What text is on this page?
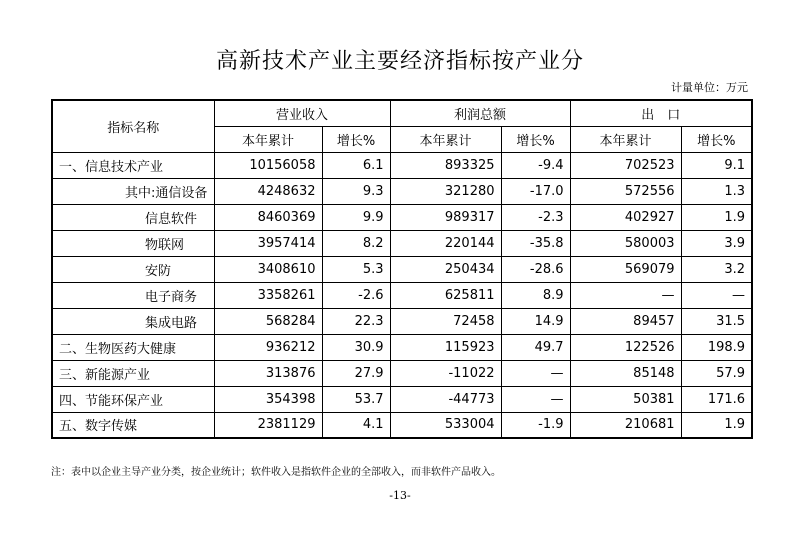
高新技术产业主要经济指标按产业分
计量单位：万元
指标名称	营业收入		利润总额		出　口	
	本年累计	增长%	本年累计	增长%	本年累计	增长%
一、信息技术产业	10156058	6.1	893325	-9.4	702523	9.1
其中:通信设备	4248632	9.3	321280	-17.0	572556	1.3
信息软件	8460369	9.9	989317	-2.3	402927	1.9
物联网	3957414	8.2	220144	-35.8	580003	3.9
安防	3408610	5.3	250434	-28.6	569079	3.2
电子商务	3358261	-2.6	625811	8.9	—	—
集成电路	568284	22.3	72458	14.9	89457	31.5
二、生物医药大健康	936212	30.9	115923	49.7	122526	198.9
三、新能源产业	313876	27.9	-11022	—	85148	57.9
四、节能环保产业	354398	53.7	-44773	—	50381	171.6
五、数字传媒	2381129	4.1	533004	-1.9	210681	1.9
注：表中以企业主导产业分类，按企业统计；软件收入是指软件企业的全部收入，而非软件产品收入。
-13-
